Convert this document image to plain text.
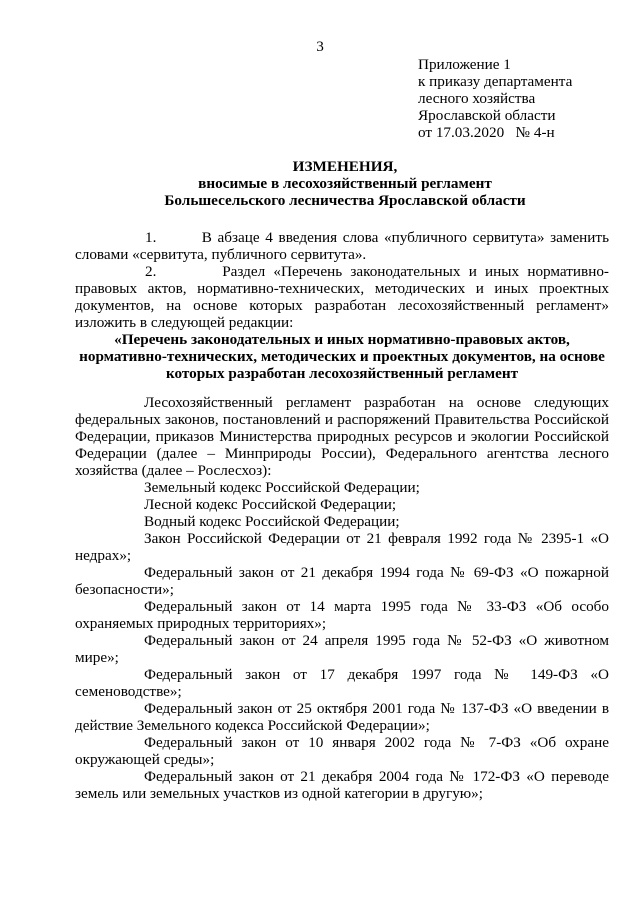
3
Приложение 1
к приказу департамента
лесного хозяйства
Ярославской области
от 17.03.2020   № 4-н
ИЗМЕНЕНИЯ,
вносимые в лесохозяйственный регламент
Большесельского лесничества Ярославской области

1.        В абзаце 4 введения слова «публичного сервитута» заменить словами «сервитута, публичного сервитута».

2.        Раздел «Перечень законодательных и иных нормативно-правовых актов, нормативно-технических, методических и иных проектных документов, на основе которых разработан лесохозяйственный регламент» изложить в следующей редакции:

«Перечень законодательных и иных нормативно-правовых актов, нормативно-технических, методических и проектных документов, на основе которых разработан лесохозяйственный регламент

Лесохозяйственный регламент разработан на основе следующих федеральных законов, постановлений и распоряжений Правительства Российской Федерации, приказов Министерства природных ресурсов и экологии Российской Федерации (далее – Минприроды России), Федерального агентства лесного хозяйства (далее – Рослесхоз):

Земельный кодекс Российской Федерации;

Лесной кодекс Российской Федерации;

Водный кодекс Российской Федерации;

Закон Российской Федерации от 21 февраля 1992 года № 2395-1 «О недрах»;

Федеральный закон от 21 декабря 1994 года № 69-ФЗ «О пожарной безопасности»;

Федеральный закон от 14 марта 1995 года № 33-ФЗ «Об особо охраняемых природных территориях»;

Федеральный закон от 24 апреля 1995 года № 52-ФЗ «О животном мире»;

Федеральный закон от 17 декабря 1997 года № 149-ФЗ «О семеноводстве»;

Федеральный закон от 25 октября 2001 года № 137-ФЗ «О введении в действие Земельного кодекса Российской Федерации»;

Федеральный закон от 10 января 2002 года № 7-ФЗ «Об охране окружающей среды»;

Федеральный закон от 21 декабря 2004 года № 172-ФЗ «О переводе земель или земельных участков из одной категории в другую»;
